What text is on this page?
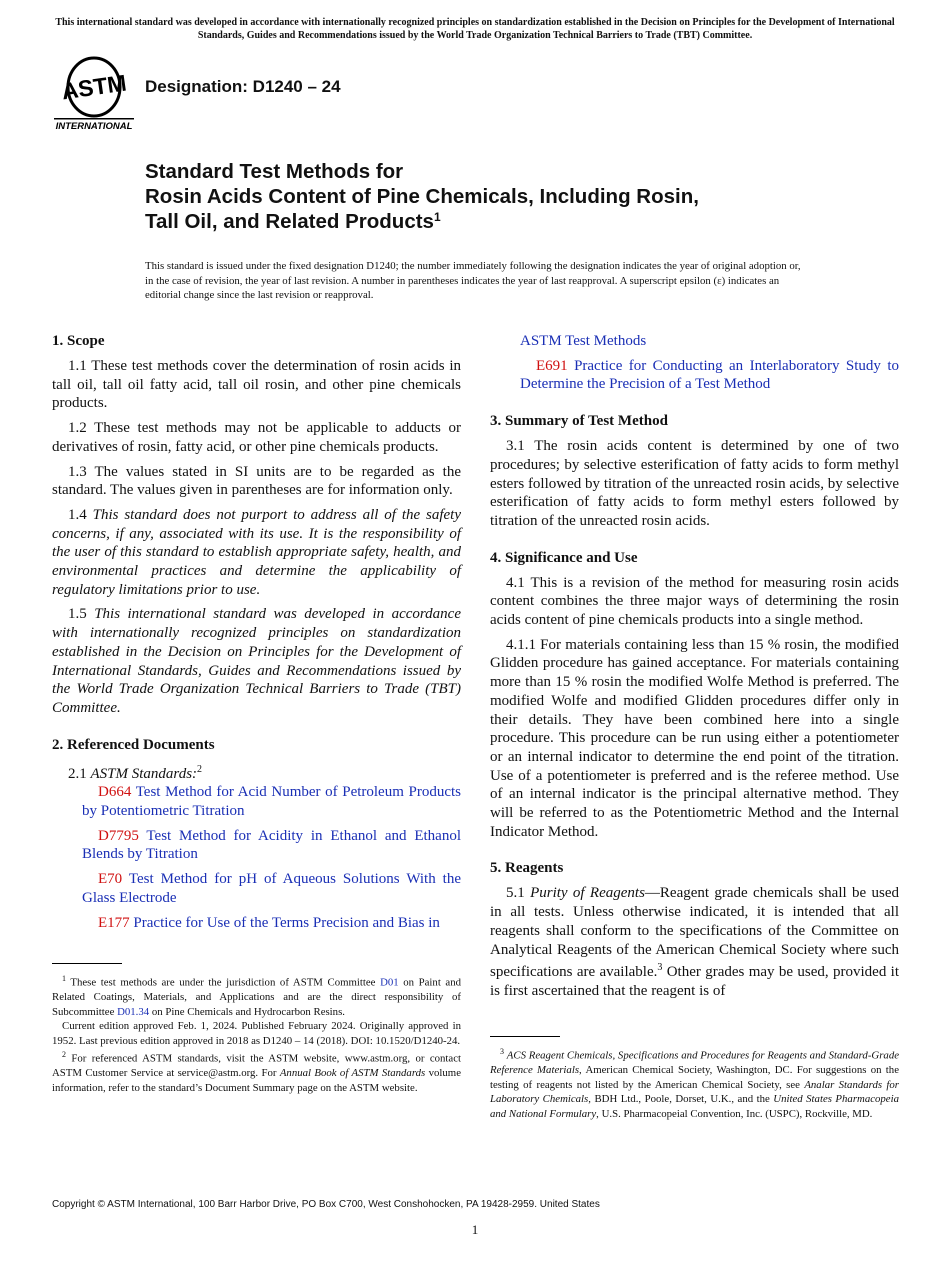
This international standard was developed in accordance with internationally recognized principles on standardization established in the Decision on Principles for the Development of International Standards, Guides and Recommendations issued by the World Trade Organization Technical Barriers to Trade (TBT) Committee.
ASTM
INTERNATIONAL
Designation: D1240 – 24
Standard Test Methods for
Rosin Acids Content of Pine Chemicals, Including Rosin,
Tall Oil, and Related Products$^1$
This standard is issued under the fixed designation D1240; the number immediately following the designation indicates the year of original adoption or, in the case of revision, the year of last revision. A number in parentheses indicates the year of last reapproval. A superscript epsilon (ε) indicates an editorial change since the last revision or reapproval.
1. Scope

1.1 These test methods cover the determination of rosin acids in tall oil, tall oil fatty acid, tall oil rosin, and other pine chemicals products.

1.2 These test methods may not be applicable to adducts or derivatives of rosin, fatty acid, or other pine chemicals products.

1.3 The values stated in SI units are to be regarded as the standard. The values given in parentheses are for information only.

1.4 This standard does not purport to address all of the safety concerns, if any, associated with its use. It is the responsibility of the user of this standard to establish appropriate safety, health, and environmental practices and determine the applicability of regulatory limitations prior to use.

1.5 This international standard was developed in accordance with internationally recognized principles on standardization established in the Decision on Principles for the Development of International Standards, Guides and Recommendations issued by the World Trade Organization Technical Barriers to Trade (TBT) Committee.

2. Referenced Documents

2.1 ASTM Standards:$^2$

D664 Test Method for Acid Number of Petroleum Products by Potentiometric Titration

D7795 Test Method for Acidity in Ethanol and Ethanol Blends by Titration

E70 Test Method for pH of Aqueous Solutions With the Glass Electrode

E177 Practice for Use of the Terms Precision and Bias in

$^1$ These test methods are under the jurisdiction of ASTM Committee D01 on Paint and Related Coatings, Materials, and Applications and are the direct responsibility of Subcommittee D01.34 on Pine Chemicals and Hydrocarbon Resins.

Current edition approved Feb. 1, 2024. Published February 2024. Originally approved in 1952. Last previous edition approved in 2018 as D1240 – 14 (2018). DOI: 10.1520/D1240-24.

$^2$ For referenced ASTM standards, visit the ASTM website, www.astm.org, or contact ASTM Customer Service at service@astm.org. For Annual Book of ASTM Standards volume information, refer to the standard’s Document Summary page on the ASTM website.

ASTM Test Methods

E691 Practice for Conducting an Interlaboratory Study to Determine the Precision of a Test Method

3. Summary of Test Method

3.1 The rosin acids content is determined by one of two procedures; by selective esterification of fatty acids to form methyl esters followed by titration of the unreacted rosin acids, by selective esterification of fatty acids to form methyl esters followed by titration of the unreacted rosin acids.

4. Significance and Use

4.1 This is a revision of the method for measuring rosin acids content combines the three major ways of determining the rosin acids content of pine chemicals products into a single method.

4.1.1 For materials containing less than 15 % rosin, the modified Glidden procedure has gained acceptance. For materials containing more than 15 % rosin the modified Wolfe Method is preferred. The modified Wolfe and modified Glidden procedures differ only in their details. They have been combined here into a single procedure. This procedure can be run using either a potentiometer or an internal indicator to determine the end point of the titration. Use of a potentiometer is preferred and is the referee method. Use of an internal indicator is the principal alternative method. They will be referred to as the Potentiometric Method and the Internal Indicator Method.

5. Reagents

5.1 Purity of Reagents—Reagent grade chemicals shall be used in all tests. Unless otherwise indicated, it is intended that all reagents shall conform to the specifications of the Committee on Analytical Reagents of the American Chemical Society where such specifications are available.$^3$ Other grades may be used, provided it is first ascertained that the reagent is of

$^3$ ACS Reagent Chemicals, Specifications and Procedures for Reagents and Standard-Grade Reference Materials, American Chemical Society, Washington, DC. For suggestions on the testing of reagents not listed by the American Chemical Society, see Analar Standards for Laboratory Chemicals, BDH Ltd., Poole, Dorset, U.K., and the United States Pharmacopeia and National Formulary, U.S. Pharmacopeial Convention, Inc. (USPC), Rockville, MD.

Copyright © ASTM International, 100 Barr Harbor Drive, PO Box C700, West Conshohocken, PA 19428-2959. United States
1
